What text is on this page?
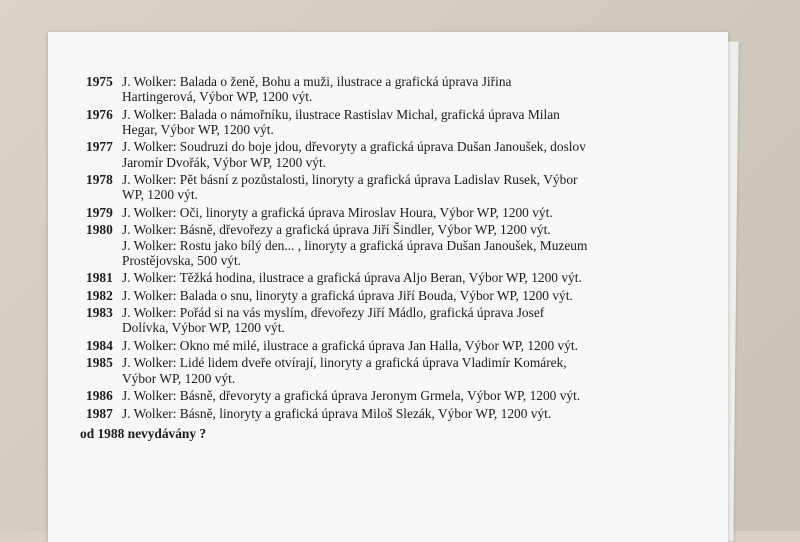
1975 J. Wolker: Balada o ženě, Bohu a muži, ilustrace a grafická úprava Jiřina
Hartingerová, Výbor WP, 1200 výt.
1976 J. Wolker: Balada o námořníku, ilustrace Rastislav Michal, grafická úprava Milan
Hegar, Výbor WP, 1200 výt.
1977 J. Wolker: Soudruzi do boje jdou, dřevoryty a grafická úprava Dušan Janoušek, doslov
Jaromír Dvořák, Výbor WP, 1200 výt.
1978 J. Wolker: Pět básní z pozůstalosti, linoryty a grafická úprava Ladislav Rusek, Výbor
WP, 1200 výt.
1979 J. Wolker: Oči, linoryty a grafická úprava Miroslav Houra, Výbor WP, 1200 výt.
1980 J. Wolker: Básně, dřevořezy a grafická úprava Jiří Šindler, Výbor WP, 1200 výt.
J. Wolker: Rostu jako bílý den... , linoryty a grafická úprava Dušan Janoušek, Muzeum
Prostějovska, 500 výt.
1981 J. Wolker: Těžká hodina, ilustrace a grafická úprava Aljo Beran, Výbor WP, 1200 výt.
1982 J. Wolker: Balada o snu, linoryty a grafická úprava Jiří Bouda, Výbor WP, 1200 výt.
1983 J. Wolker: Pořád si na vás myslím, dřevořezy Jiří Mádlo, grafická úprava Josef
Dolívka, Výbor WP, 1200 výt.
1984 J. Wolker: Okno mé milé, ilustrace a grafická úprava Jan Halla, Výbor WP, 1200 výt.
1985 J. Wolker: Lidé lidem dveře otvírají, linoryty a grafická úprava Vladimír Komárek,
Výbor WP, 1200 výt.
1986 J. Wolker: Básně, dřevoryty a grafická úprava Jeronym Grmela, Výbor WP, 1200 výt.
1987 J. Wolker: Básně, linoryty a grafická úprava Miloš Slezák, Výbor WP, 1200 výt.
od 1988 nevydávány ?
